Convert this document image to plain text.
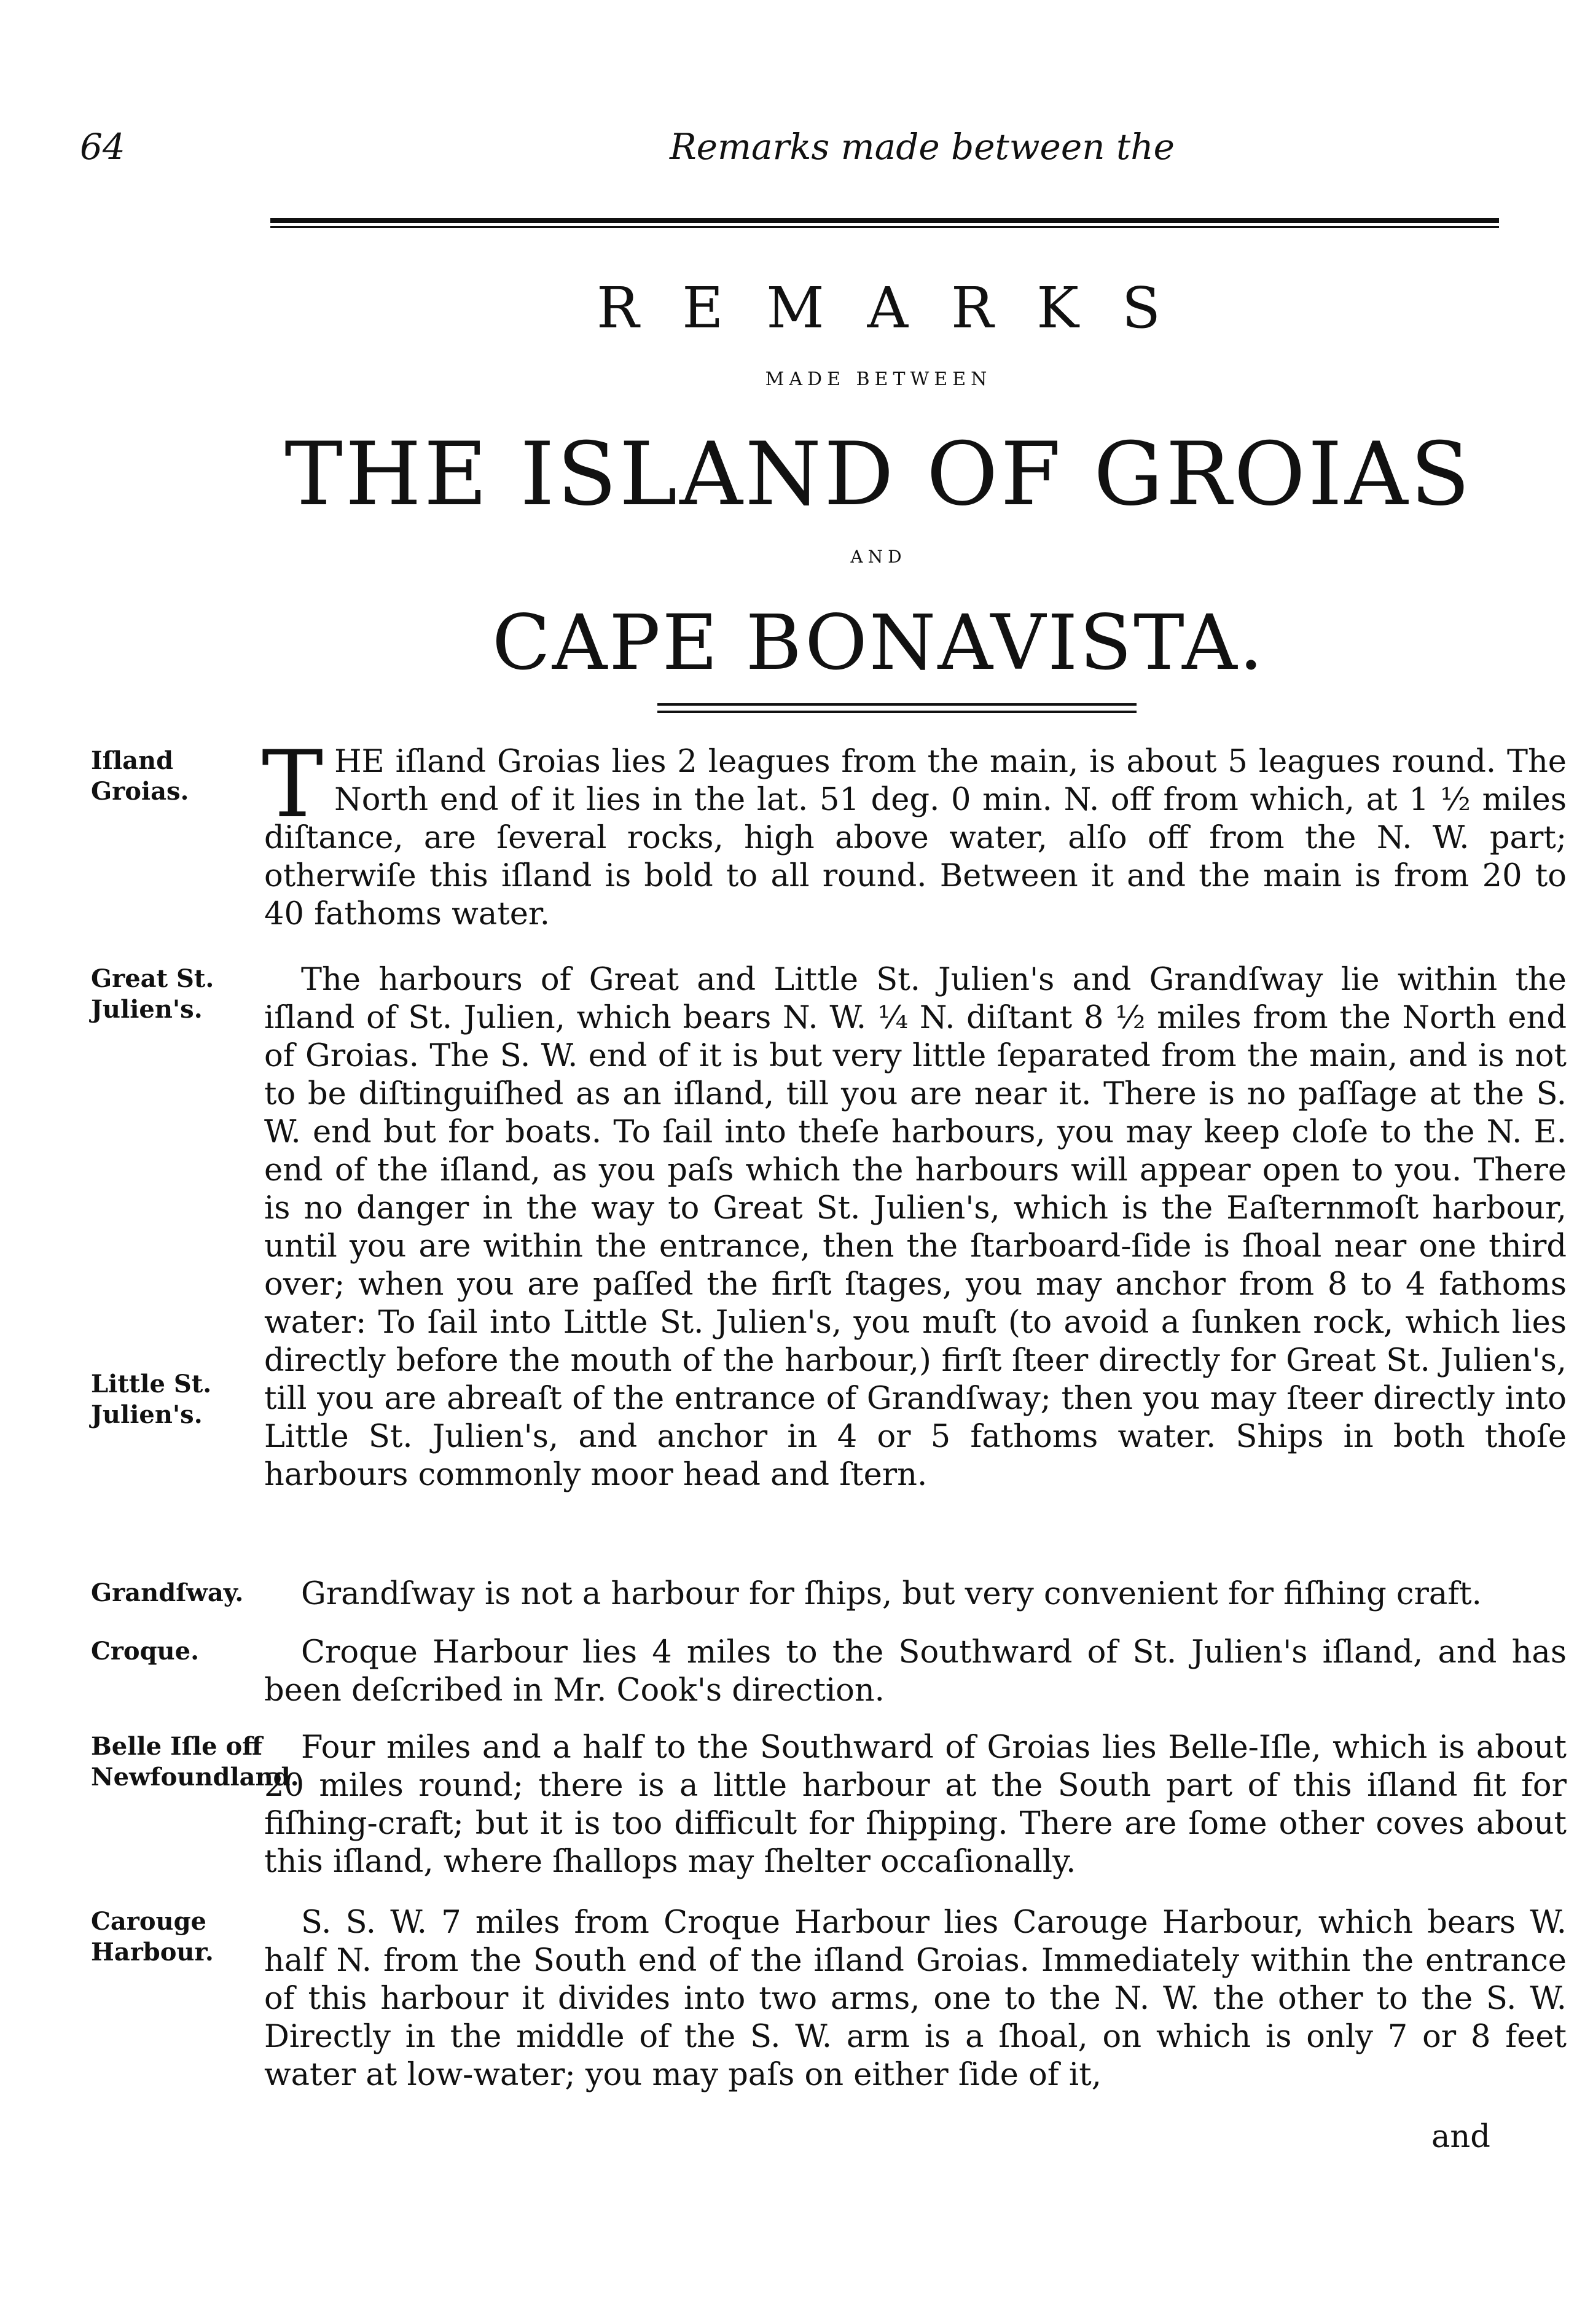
64	Remarks made between the
REMARKS
MADE BETWEEN
THE ISLAND OF GROIAS
AND
CAPE BONAVISTA.
Iſland Groias. T HE iſland Groias lies 2 leagues from the main, is about 5 leagues round. The North end of it lies in the lat. 51 deg. 0 min. N. off from which, at 1 ½ miles diſtance, are ſeveral rocks, high above water, alſo off from the N. W. part; otherwiſe this iſland is bold to all round. Between it and the main is from 20 to 40 fathoms water.
Great St. Julien's.
The harbours of Great and Little St. Julien's and Grandſway lie within the iſland of St. Julien, which bears N. W. ¼ N. diſtant 8 ½ miles from the North end of Groias. The S. W. end of it is but very little ſeparated from the main, and is not to be diſtinguiſhed as an iſland, till you are near it. There is no paſſage at the S. W. end but for boats. To ſail into theſe harbours, you may keep cloſe to the N. E. end of the iſland, as you paſs which the harbours will appear open to you. There is no danger in the way to Great St. Julien's, which is the Eaſternmoſt harbour, until you are within the entrance, then the ſtarboard-ſide is ſhoal near one third over; when you are paſſed the firſt ſtages, you may anchor from 8 to 4 fathoms water: To ſail into Little St. Julien's, you muſt (to avoid a ſunken rock, which lies directly before the mouth of the harbour,) firſt ſteer directly for Great St. Julien's, till you are abreaſt of the entrance of Grandſway; then you may ſteer directly into Little St. Julien's, and anchor in 4 or 5 fathoms water. Ships in both thoſe harbours commonly moor head and ſtern.
Little St. Julien's.
Grandſway.	Grandſway is not a harbour for ſhips, but very convenient for fiſhing craft.
Croque.	Croque Harbour lies 4 miles to the Southward of St. Julien's iſland, and has been deſcribed in Mr. Cook's direction.
Belle Iſle off Newfoundland.
Four miles and a half to the Southward of Groias lies Belle-Iſle, which is about 20 miles round; there is a little harbour at the South part of this iſland fit for fiſhing-craft; but it is too difficult for ſhipping. There are ſome other coves about this iſland, where ſhallops may ſhelter occaſionally.
Carouge Harbour.
S. S. W. 7 miles from Croque Harbour lies Carouge Harbour, which bears W. half N. from the South end of the iſland Groias. Immediately within the entrance of this harbour it divides into two arms, one to the N. W. the other to the S. W. Directly in the middle of the S. W. arm is a ſhoal, on which is only 7 or 8 feet water at low-water; you may paſs on either ſide of it,
and
